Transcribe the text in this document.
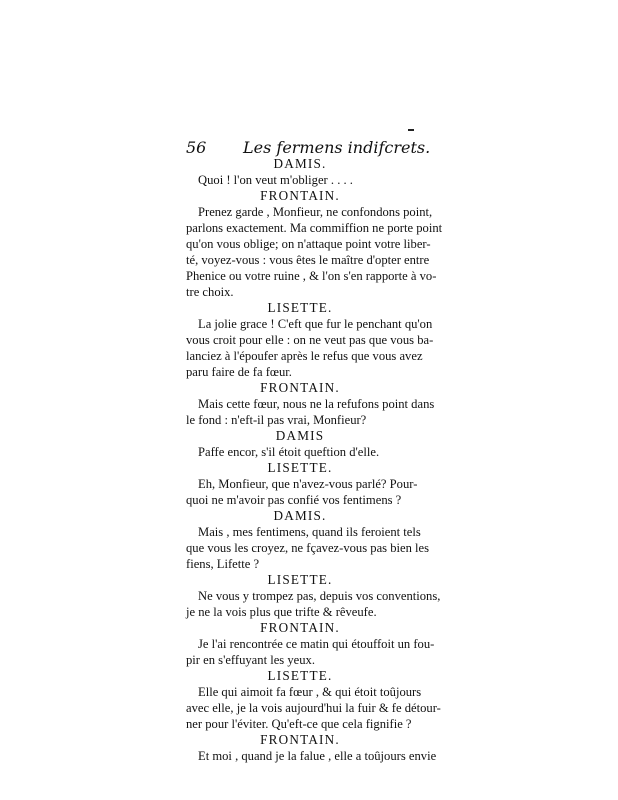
56 Les fermens indifcrets.
DAMIS.
Quoi ! l'on veut m'obliger . . . .
FRONTAIN.
Prenez garde , Monfieur, ne confondons point,
parlons exactement. Ma commiffion ne porte point
qu'on vous oblige; on n'attaque point votre liber-
té, voyez-vous : vous êtes le maître d'opter entre
Phenice ou votre ruine , & l'on s'en rapporte à vo-
tre choix.
LISETTE.
La jolie grace ! C'eft que fur le penchant qu'on
vous croit pour elle : on ne veut pas que vous ba-
lanciez à l'époufer après le refus que vous avez
paru faire de fa fœur.
FRONTAIN.
Mais cette fœur, nous ne la refufons point dans
le fond : n'eft-il pas vrai, Monfieur?
DAMIS
Paffe encor, s'il étoit queftion d'elle.
LISETTE.
Eh, Monfieur, que n'avez-vous parlé? Pour-
quoi ne m'avoir pas confié vos fentimens ?
DAMIS.
Mais , mes fentimens, quand ils feroient tels
que vous les croyez, ne fçavez-vous pas bien les
fiens, Lifette ?
LISETTE.
Ne vous y trompez pas, depuis vos conventions,
je ne la vois plus que trifte & rêveufe.
FRONTAIN.
Je l'ai rencontrée ce matin qui étouffoit un fou-
pir en s'effuyant les yeux.
LISETTE.
Elle qui aimoit fa fœur , & qui étoit toûjours
avec elle, je la vois aujourd'hui la fuir & fe détour-
ner pour l'éviter. Qu'eft-ce que cela fignifie ?
FRONTAIN.
Et moi , quand je la falue , elle a toûjours envie
